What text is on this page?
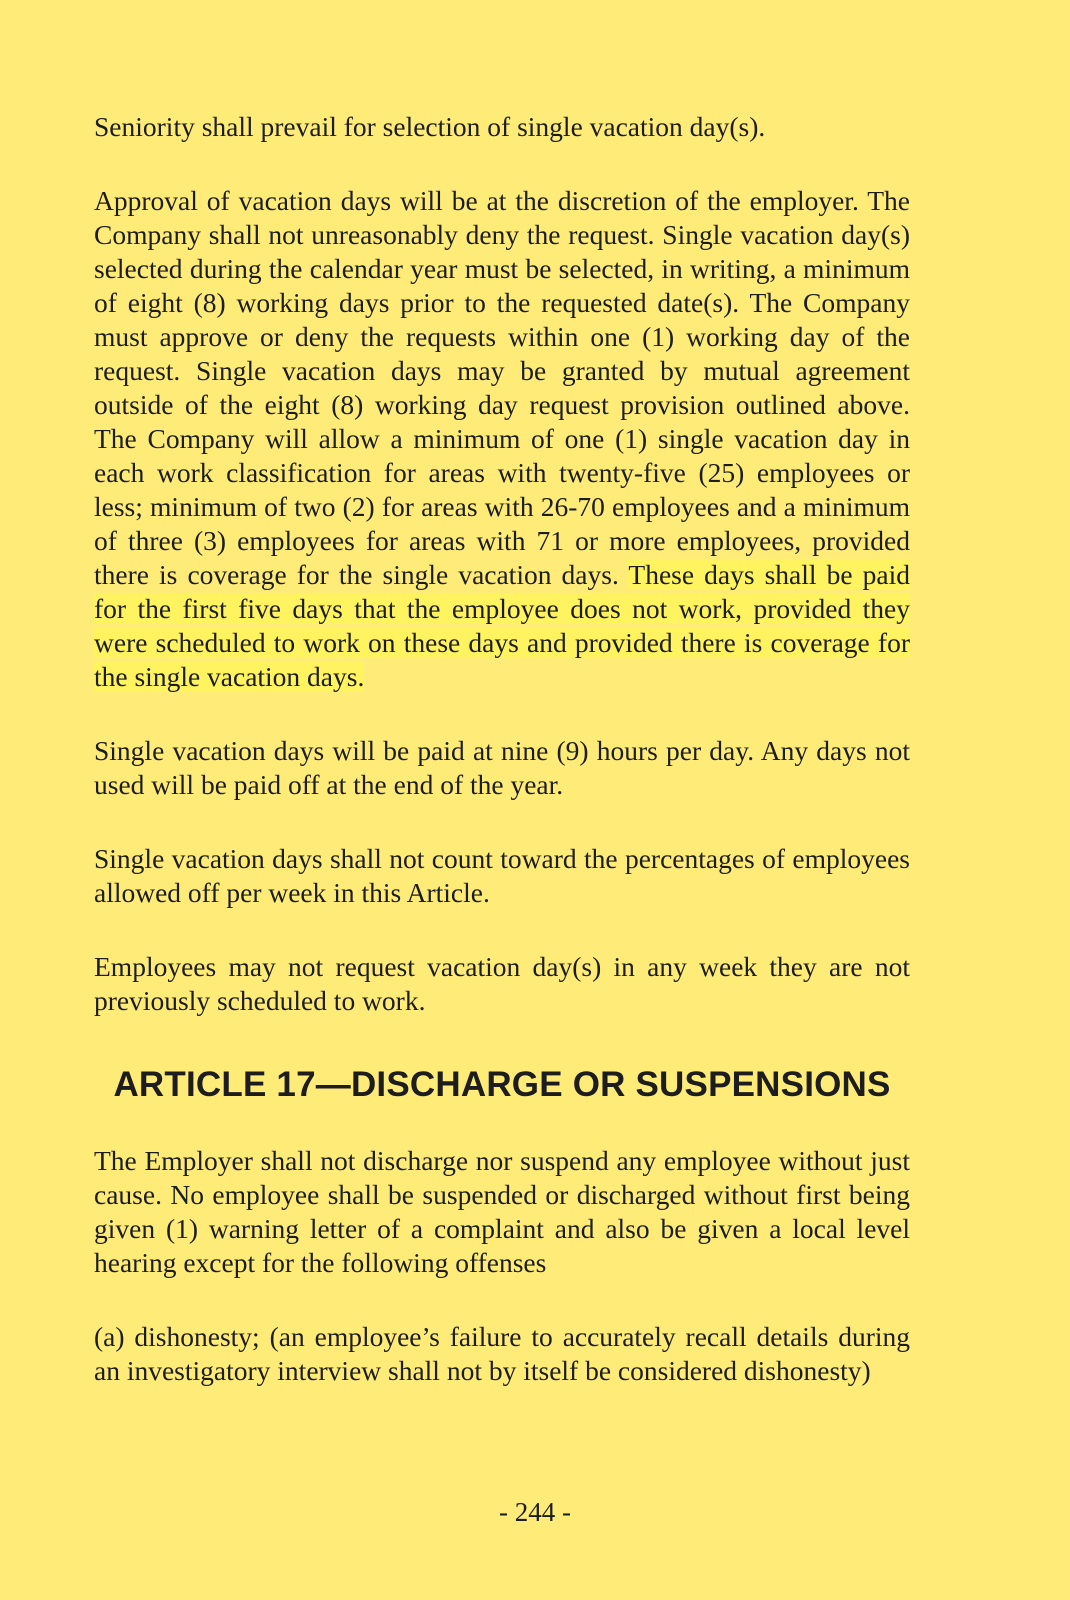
Seniority shall prevail for selection of single vacation day(s).

Approval of vacation days will be at the discretion of the employer. The Company shall not unreasonably deny the request. Single vacation day(s) selected during the calendar year must be selected, in writing, a minimum of eight (8) working days prior to the requested date(s). The Company must approve or deny the requests within one (1) working day of the request. Single vacation days may be granted by mutual agreement outside of the eight (8) working day request provision outlined above. The Company will allow a minimum of one (1) single vacation day in each work classification for areas with twenty-five (25) employees or less; minimum of two (2) for areas with 26-70 employees and a minimum of three (3) employees for areas with 71 or more employees, provided there is coverage for the single vacation days. These days shall be paid for the first five days that the employee does not work, provided they were scheduled to work on these days and provided there is coverage for the single vacation days.

Single vacation days will be paid at nine (9) hours per day. Any days not used will be paid off at the end of the year.

Single vacation days shall not count toward the percentages of employees allowed off per week in this Article.

Employees may not request vacation day(s) in any week they are not previously scheduled to work.

ARTICLE 17—DISCHARGE OR SUSPENSIONS

The Employer shall not discharge nor suspend any employee without just cause. No employee shall be suspended or discharged without first being given (1) warning letter of a complaint and also be given a local level hearing except for the following offenses

(a) dishonesty; (an employee’s failure to accurately recall details during an investigatory interview shall not by itself be considered dishonesty)

- 244 -
